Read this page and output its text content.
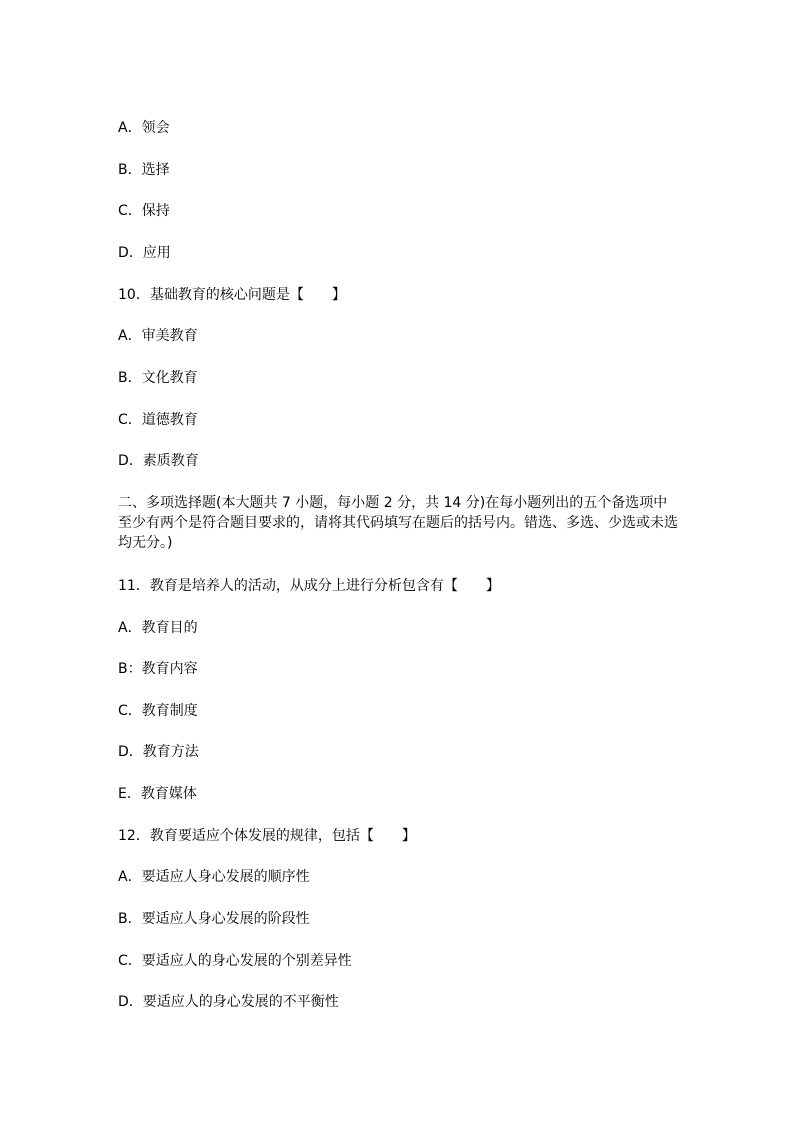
A．领会
B．选择
C．保持
D．应用
10．基础教育的核心问题是【　　】
A．审美教育
B．文化教育
C．道德教育
D．素质教育
二、多项选择题(本大题共 7 小题，每小题 2 分，共 14 分)在每小题列出的五个备选项中至少有两个是符合题目要求的，请将其代码填写在题后的括号内。错选、多选、少选或未选均无分。)
11．教育是培养人的活动，从成分上进行分析包含有【　　】
A．教育目的
B：教育内容
C．教育制度
D．教育方法
E．教育媒体
12．教育要适应个体发展的规律，包括【　　】
A．要适应人身心发展的顺序性
B．要适应人身心发展的阶段性
C．要适应人的身心发展的个别差异性
D．要适应人的身心发展的不平衡性
